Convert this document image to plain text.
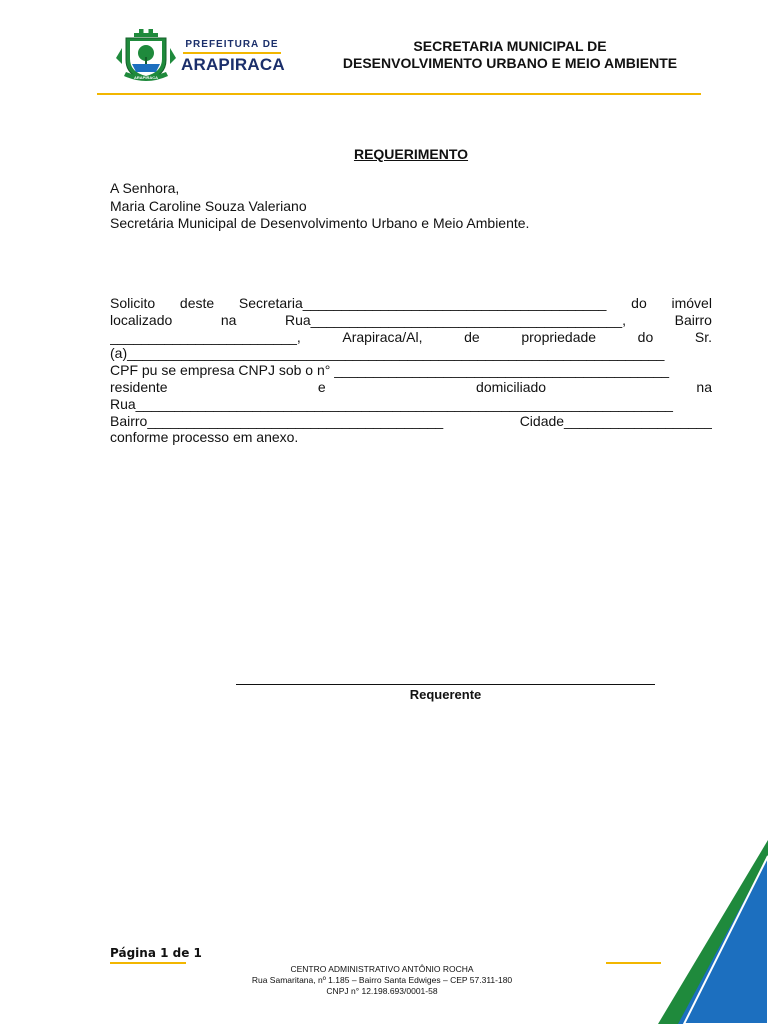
ARAPIRACA
PREFEITURA DE
ARAPIRACA
SECRETARIA MUNICIPAL DE
DESENVOLVIMENTO URBANO E MEIO AMBIENTE
REQUERIMENTO
A Senhora,
Maria Caroline Souza Valeriano
Secretária Municipal de Desenvolvimento Urbano e Meio Ambiente.
Solicito deste Secretaria_______________________________________ do imóvel
localizado	na	Rua________________________________________,	Bairro
________________________,	Arapiraca/Al,	de	propriedade	do	Sr.
(a)_____________________________________________________________________
CPF pu se empresa CNPJ sob o n° ___________________________________________
residente	e	domiciliado	na
Rua_____________________________________________________________________
Bairro______________________________________	Cidade___________________
conforme processo em anexo.
Requerente
Página 1 de 1
CENTRO ADMINISTRATIVO ANTÔNIO ROCHA
Rua Samaritana, nº 1.185 – Bairro Santa Edwiges – CEP 57.311-180
CNPJ n° 12.198.693/0001-58
